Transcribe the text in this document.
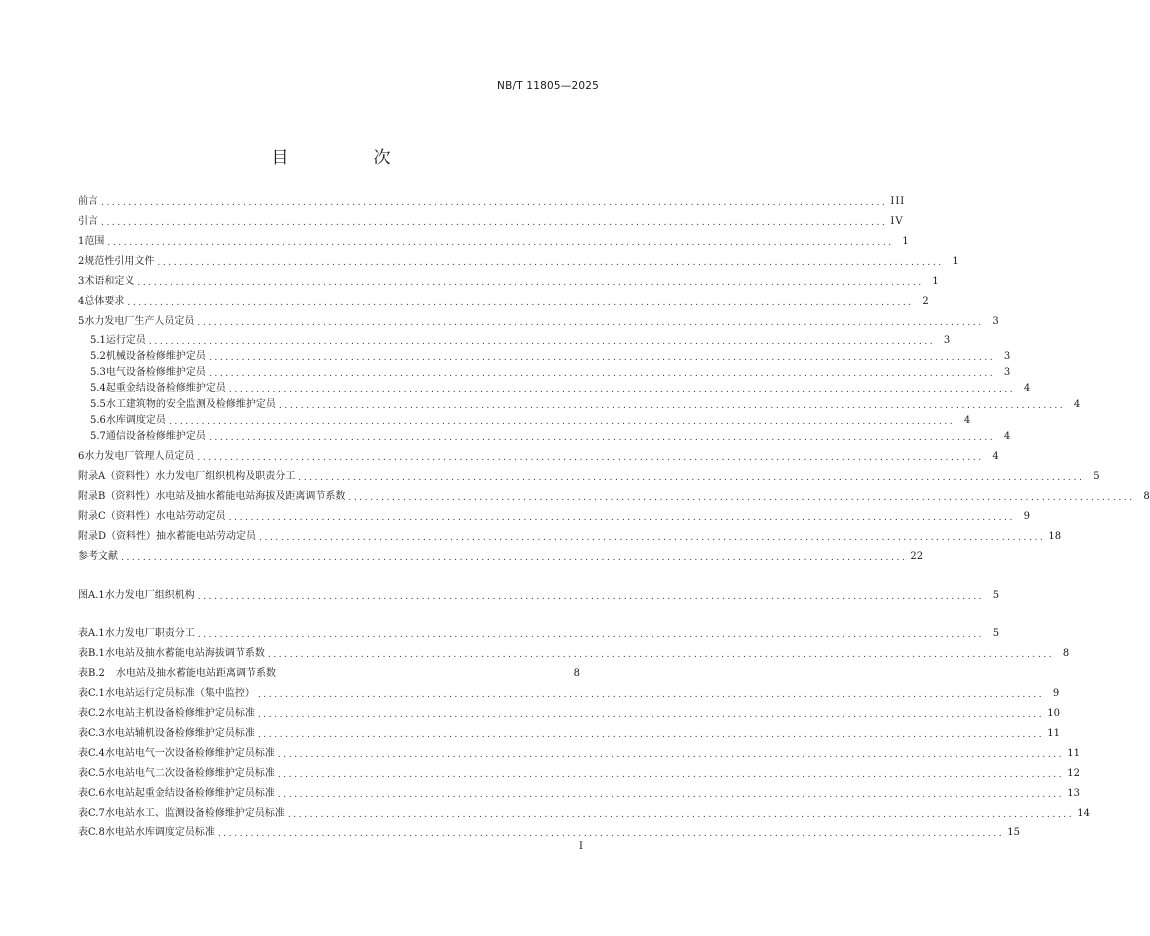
NB/T 11805—2025
目　次
前言 ................................................................................................................................................ III
引言 ................................................................................................................................................ IV
1 范围 ................................................................................................................................................ 1
2 规范性引用文件 ................................................................................................................................................ 1
3 术语和定义 ................................................................................................................................................ 1
4 总体要求 ................................................................................................................................................ 2
5 水力发电厂生产人员定员 ................................................................................................................................................ 3
5.1 运行定员 ................................................................................................................................................ 3
5.2 机械设备检修维护定员 ................................................................................................................................................ 3
5.3 电气设备检修维护定员 ................................................................................................................................................ 3
5.4 起重金结设备检修维护定员 ................................................................................................................................................ 4
5.5 水工建筑物的安全监测及检修维护定员 ................................................................................................................................................ 4
5.6 水库调度定员 ................................................................................................................................................ 4
5.7 通信设备检修维护定员 ................................................................................................................................................ 4
6 水力发电厂管理人员定员 ................................................................................................................................................ 4
附录A（资料性） 水力发电厂组织机构及职责分工 ................................................................................................................................................ 5
附录B（资料性） 水电站及抽水蓄能电站海拔及距离调节系数 ................................................................................................................................................ 8
附录C（资料性） 水电站劳动定员 ................................................................................................................................................ 9
附录D（资料性） 抽水蓄能电站劳动定员 ................................................................................................................................................ 18
参考文献 ................................................................................................................................................ 22
图A.1 水力发电厂组织机构 ................................................................................................................................................ 5
表A.1 水力发电厂职责分工 ................................................................................................................................................ 5
表B.1 水电站及抽水蓄能电站海拔调节系数 ................................................................................................................................................ 8
表B.2	水电站及抽水蓄能电站距离调节系数	8
表C.1 水电站运行定员标准（集中监控） ................................................................................................................................................ 9
表C.2 水电站主机设备检修维护定员标准 ................................................................................................................................................ 10
表C.3 水电站辅机设备检修维护定员标准 ................................................................................................................................................ 11
表C.4 水电站电气一次设备检修维护定员标准 ................................................................................................................................................ 11
表C.5 水电站电气二次设备检修维护定员标准 ................................................................................................................................................ 12
表C.6 水电站起重金结设备检修维护定员标准 ................................................................................................................................................ 13
表C.7 水电站水工、监测设备检修维护定员标准 ................................................................................................................................................ 14
表C.8 水电站水库调度定员标准 ................................................................................................................................................ 15
I
